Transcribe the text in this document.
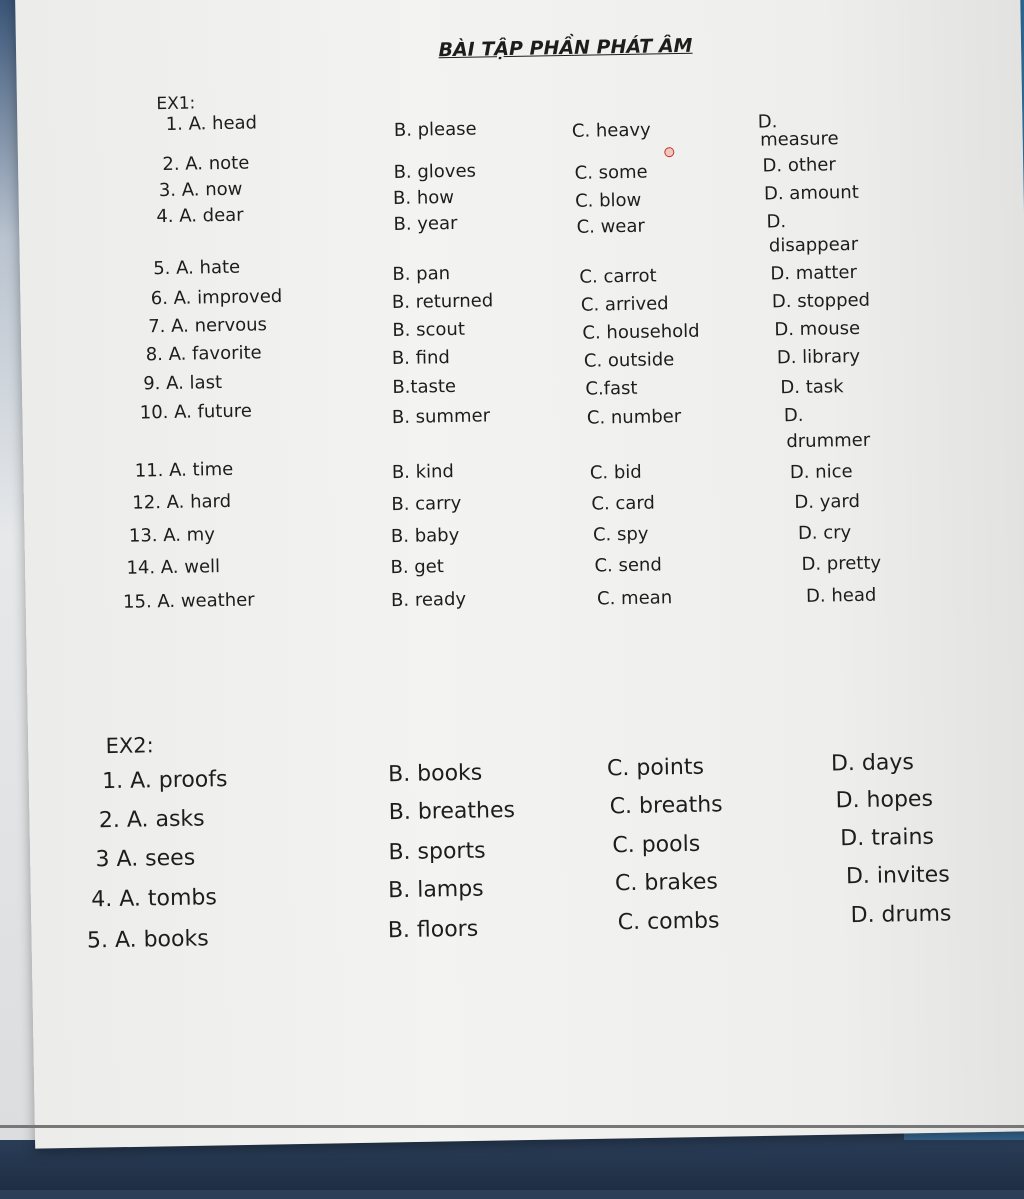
BÀI TẬP PHẦN PHÁT ÂM
EX1:
1. A. head	B. please	C. heavy	D.
measure
2. A. note	B. gloves	C. some	D. other
3. A. now	B. how	C. blow	D. amount
4. A. dear	B. year	C. wear	D.
disappear
5. A. hate	B. pan	C. carrot	D. matter
6. A. improved	B. returned	C. arrived	D. stopped
7. A. nervous	B. scout	C. household	D. mouse
8. A. favorite	B. find	C. outside	D. library
9. A. last	B.taste	C.fast	D. task
10. A. future	B. summer	C. number	D.
drummer
11. A. time	B. kind	C. bid	D. nice
12. A. hard	B. carry	C. card	D. yard
13. A. my	B. baby	C. spy	D. cry
14. A. well	B. get	C. send	D. pretty
15. A. weather	B. ready	C. mean	D. head
EX2:
1. A. proofs	B. books	C. points	D. days
2. A. asks	B. breathes	C. breaths	D. hopes
3 A. sees	B. sports	C. pools	D. trains
4. A. tombs	B. lamps	C. brakes	D. invites
5. A. books	B. floors	C. combs	D. drums
